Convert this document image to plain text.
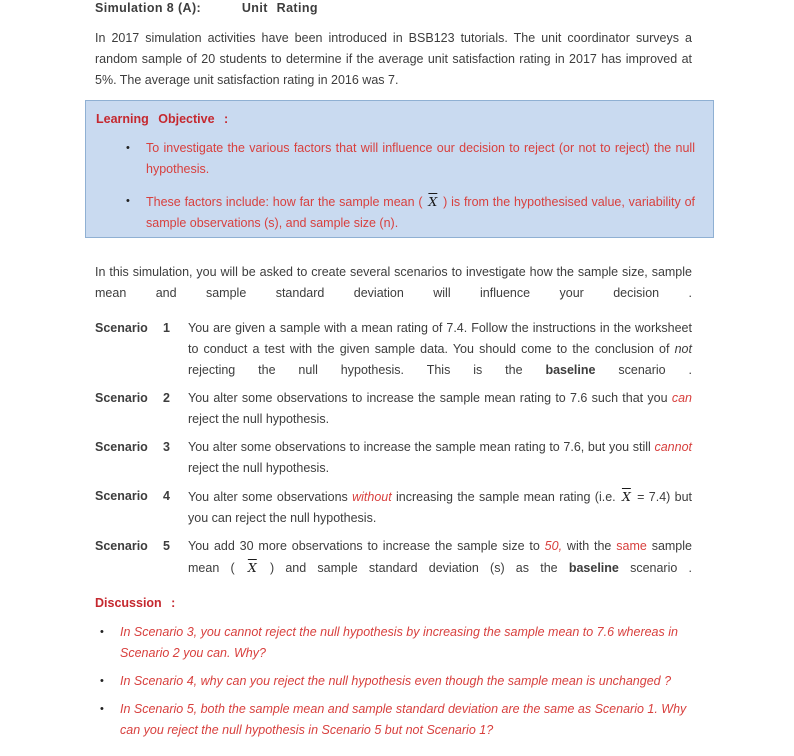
Simulation 8 (A):	Unit Rating

In 2017 simulation activities have been introduced in BSB123 tutorials. The unit coordinator surveys a random sample of 20 students to determine if the average unit satisfaction rating in 2017 has improved at 5%. The average unit satisfaction rating in 2016 was 7.

Learning Objective :
•	To investigate the various factors that will influence our decision to reject (or not to reject) the null hypothesis.
•	These factors include: how far the sample mean ( $\overline{X}$ ) is from the hypothesised value, variability of sample observations (s), and sample size (n).

In this simulation, you will be asked to create several scenarios to investigate how the sample size, sample mean and sample standard deviation will influence your decision .

Scenario 1 You are given a sample with a mean rating of 7.4. Follow the instructions in the worksheet to conduct a test with the given sample data. You should come to the conclusion of not rejecting the null hypothesis. This is the baseline scenario .
Scenario 2 You alter some observations to increase the sample mean rating to 7.6 such that you can reject the null hypothesis.
Scenario 3 You alter some observations to increase the sample mean rating to 7.6, but you still cannot reject the null hypothesis.
Scenario 4 You alter some observations without increasing the sample mean rating (i.e. $\overline{X} = 7.4$) but you can reject the null hypothesis.
Scenario 5 You add 30 more observations to increase the sample size to 50, with the same sample mean ( $\overline{X}$ ) and sample standard deviation (s) as the baseline scenario .
Discussion :
•	In Scenario 3, you cannot reject the null hypothesis by increasing the sample mean to 7.6 whereas in Scenario 2 you can. Why?
•	In Scenario 4, why can you reject the null hypothesis even though the sample mean is unchanged ?
•	In Scenario 5, both the sample mean and sample standard deviation are the same as Scenario 1. Why can you reject the null hypothesis in Scenario 5 but not Scenario 1?
